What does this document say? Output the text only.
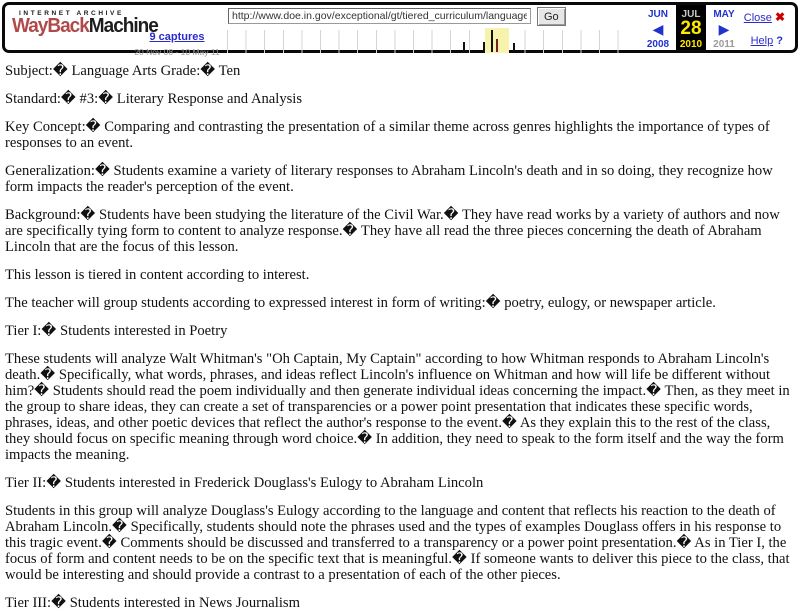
INTERNET ARCHIVE
WayBackMachine
9 captures
20 Nov 08 - 10 May 11
http://www.doe.in.gov/exceptional/gt/tiered_curriculum/languagearts/la10i.htm
Go	JUN
◀
2008
JUL
28
2010
MAY
▶
2011
Close ✖
Help ?

Subject:� Language Arts Grade:� Ten

Standard:� #3:� Literary Response and Analysis

Key Concept:� Comparing and contrasting the presentation of a similar theme across genres highlights the importance of types of responses to an event.

Generalization:� Students examine a variety of literary responses to Abraham Lincoln's death and in so doing, they recognize how form impacts the reader's perception of the event.

Background:� Students have been studying the literature of the Civil War.� They have read works by a variety of authors and now are specifically tying form to content to analyze response.� They have all read the three pieces concerning the death of Abraham Lincoln that are the focus of this lesson.

This lesson is tiered in content according to interest.

The teacher will group students according to expressed interest in form of writing:� poetry, eulogy, or newspaper article.

Tier I:� Students interested in Poetry

These students will analyze Walt Whitman's "Oh Captain, My Captain" according to how Whitman responds to Abraham Lincoln's death.� Specifically, what words, phrases, and ideas reflect Lincoln's influence on Whitman and how will life be different without him?� Students should read the poem individually and then generate individual ideas concerning the impact.� Then, as they meet in the group to share ideas, they can create a set of transparencies or a power point presentation that indicates these specific words, phrases, ideas, and other poetic devices that reflect the author's response to the event.� As they explain this to the rest of the class, they should focus on specific meaning through word choice.� In addition, they need to speak to the form itself and the way the form impacts the meaning.

Tier II:� Students interested in Frederick Douglass's Eulogy to Abraham Lincoln

Students in this group will analyze Douglass's Eulogy according to the language and content that reflects his reaction to the death of Abraham Lincoln.� Specifically, students should note the phrases used and the types of examples Douglass offers in his response to this tragic event.� Comments should be discussed and transferred to a transparency or a power point presentation.� As in Tier I, the focus of form and content needs to be on the specific text that is meaningful.� If someone wants to deliver this piece to the class, that would be interesting and should provide a contrast to a presentation of each of the other pieces.

Tier III:� Students interested in News Journalism
